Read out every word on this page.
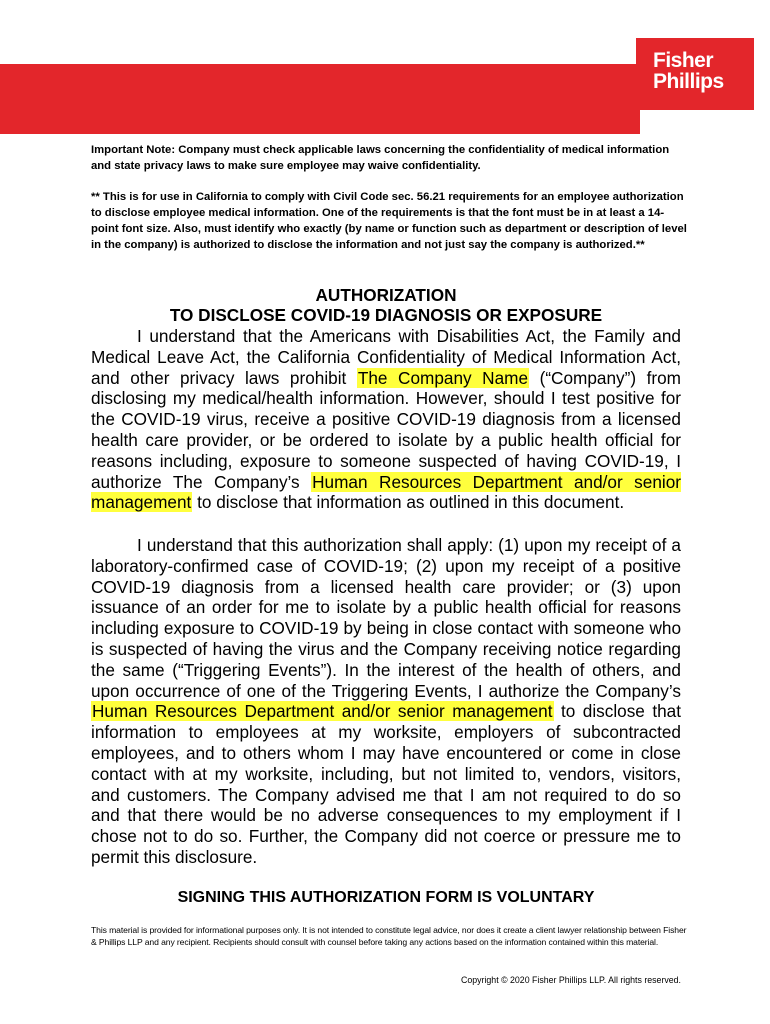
Fisher
Phillips
Important Note: Company must check applicable laws concerning the confidentiality of medical information and state privacy laws to make sure employee may waive confidentiality.
** This is for use in California to comply with Civil Code sec. 56.21 requirements for an employee authorization to disclose employee medical information. One of the requirements is that the font must be in at least a 14-point font size. Also, must identify who exactly (by name or function such as department or description of level in the company) is authorized to disclose the information and not just say the company is authorized.**
AUTHORIZATION
TO DISCLOSE COVID-19 DIAGNOSIS OR EXPOSURE

I understand that the Americans with Disabilities Act, the Family and Medical Leave Act, the California Confidentiality of Medical Information Act, and other privacy laws prohibit The Company Name (“Company”) from disclosing my medical/health information. However, should I test positive for the COVID-19 virus, receive a positive COVID-19 diagnosis from a licensed health care provider, or be ordered to isolate by a public health official for reasons including, exposure to someone suspected of having COVID-19, I authorize The Company’s Human Resources Department and/or senior management to disclose that information as outlined in this document.

I understand that this authorization shall apply: (1) upon my receipt of a laboratory-confirmed case of COVID-19; (2) upon my receipt of a positive COVID-19 diagnosis from a licensed health care provider; or (3) upon issuance of an order for me to isolate by a public health official for reasons including exposure to COVID-19 by being in close contact with someone who is suspected of having the virus and the Company receiving notice regarding the same (“Triggering Events”). In the interest of the health of others, and upon occurrence of one of the Triggering Events, I authorize the Company’s Human Resources Department and/or senior management to disclose that information to employees at my worksite, employers of subcontracted employees, and to others whom I may have encountered or come in close contact with at my worksite, including, but not limited to, vendors, visitors, and customers. The Company advised me that I am not required to do so and that there would be no adverse consequences to my employment if I chose not to do so. Further, the Company did not coerce or pressure me to permit this disclosure.

SIGNING THIS AUTHORIZATION FORM IS VOLUNTARY
This material is provided for informational purposes only. It is not intended to constitute legal advice, nor does it create a client lawyer relationship between Fisher & Phillips LLP and any recipient. Recipients should consult with counsel before taking any actions based on the information contained within this material.
Copyright © 2020 Fisher Phillips LLP. All rights reserved.
